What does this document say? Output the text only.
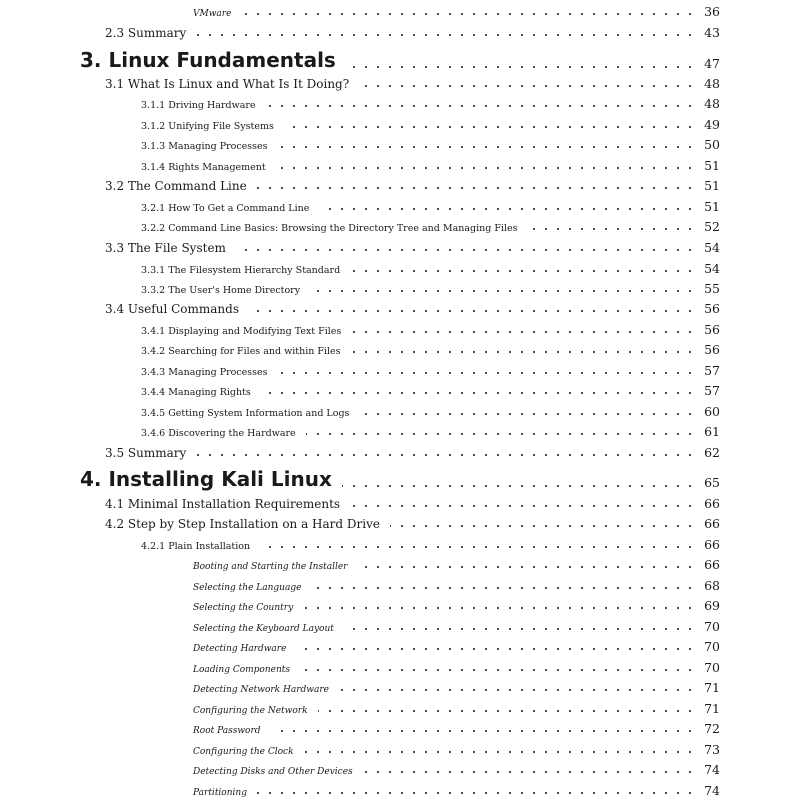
VMware	36
2.3 Summary	43
3. Linux Fundamentals	47
3.1 What Is Linux and What Is It Doing?	48
3.1.1 Driving Hardware	48
3.1.2 Unifying File Systems	49
3.1.3 Managing Processes	50
3.1.4 Rights Management	51
3.2 The Command Line	51
3.2.1 How To Get a Command Line	51
3.2.2 Command Line Basics: Browsing the Directory Tree and Managing Files	52
3.3 The File System	54
3.3.1 The Filesystem Hierarchy Standard	54
3.3.2 The User's Home Directory	55
3.4 Useful Commands	56
3.4.1 Displaying and Modifying Text Files	56
3.4.2 Searching for Files and within Files	56
3.4.3 Managing Processes	57
3.4.4 Managing Rights	57
3.4.5 Getting System Information and Logs	60
3.4.6 Discovering the Hardware	61
3.5 Summary	62
4. Installing Kali Linux	65
4.1 Minimal Installation Requirements	66
4.2 Step by Step Installation on a Hard Drive	66
4.2.1 Plain Installation	66
Booting and Starting the Installer	66
Selecting the Language	68
Selecting the Country	69
Selecting the Keyboard Layout	70
Detecting Hardware	70
Loading Components	70
Detecting Network Hardware	71
Configuring the Network	71
Root Password	72
Configuring the Clock	73
Detecting Disks and Other Devices	74
Partitioning	74
